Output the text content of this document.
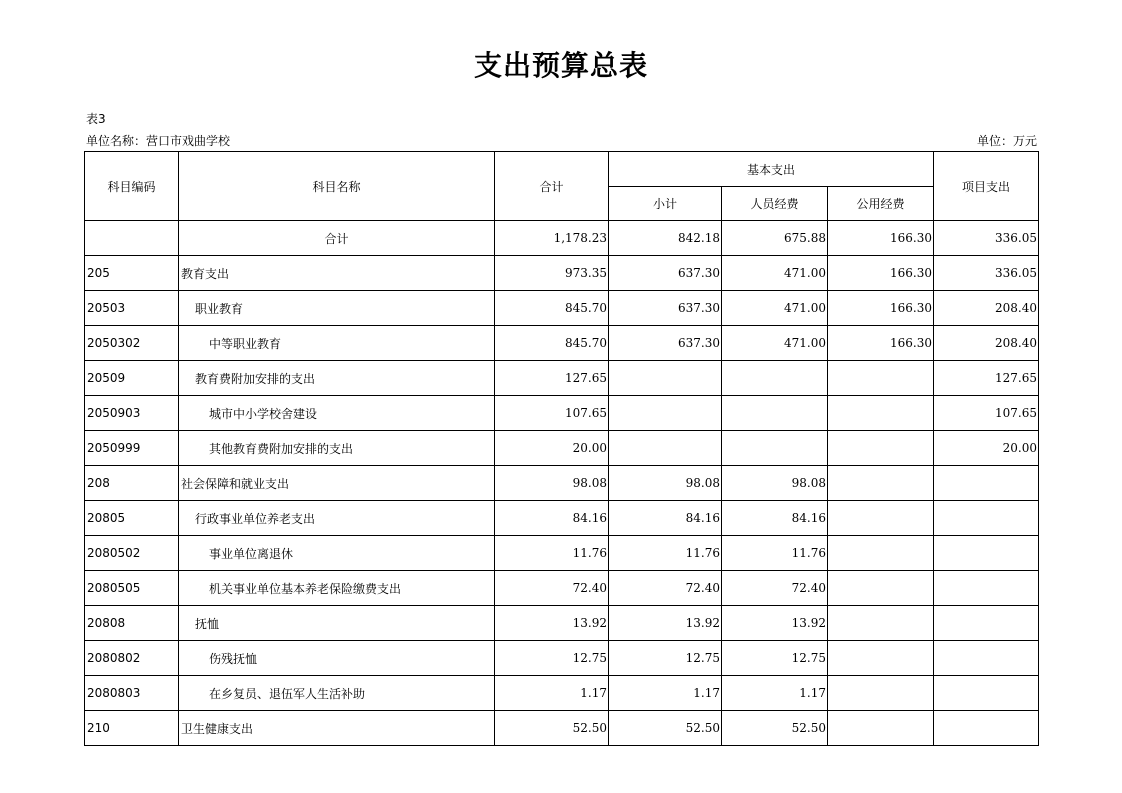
支出预算总表
表3
单位名称：营口市戏曲学校	单位：万元
科目编码	科目名称	合计	基本支出			项目支出
			小计	人员经费	公用经费	
	合计	1,178.23	842.18	675.88	166.30	336.05
205	教育支出	973.35	637.30	471.00	166.30	336.05
20503	职业教育	845.70	637.30	471.00	166.30	208.40
2050302	中等职业教育	845.70	637.30	471.00	166.30	208.40
20509	教育费附加安排的支出	127.65				127.65
2050903	城市中小学校舍建设	107.65				107.65
2050999	其他教育费附加安排的支出	20.00				20.00
208	社会保障和就业支出	98.08	98.08	98.08		
20805	行政事业单位养老支出	84.16	84.16	84.16		
2080502	事业单位离退休	11.76	11.76	11.76		
2080505	机关事业单位基本养老保险缴费支出	72.40	72.40	72.40		
20808	抚恤	13.92	13.92	13.92		
2080802	伤残抚恤	12.75	12.75	12.75		
2080803	在乡复员、退伍军人生活补助	1.17	1.17	1.17		
210	卫生健康支出	52.50	52.50	52.50		
